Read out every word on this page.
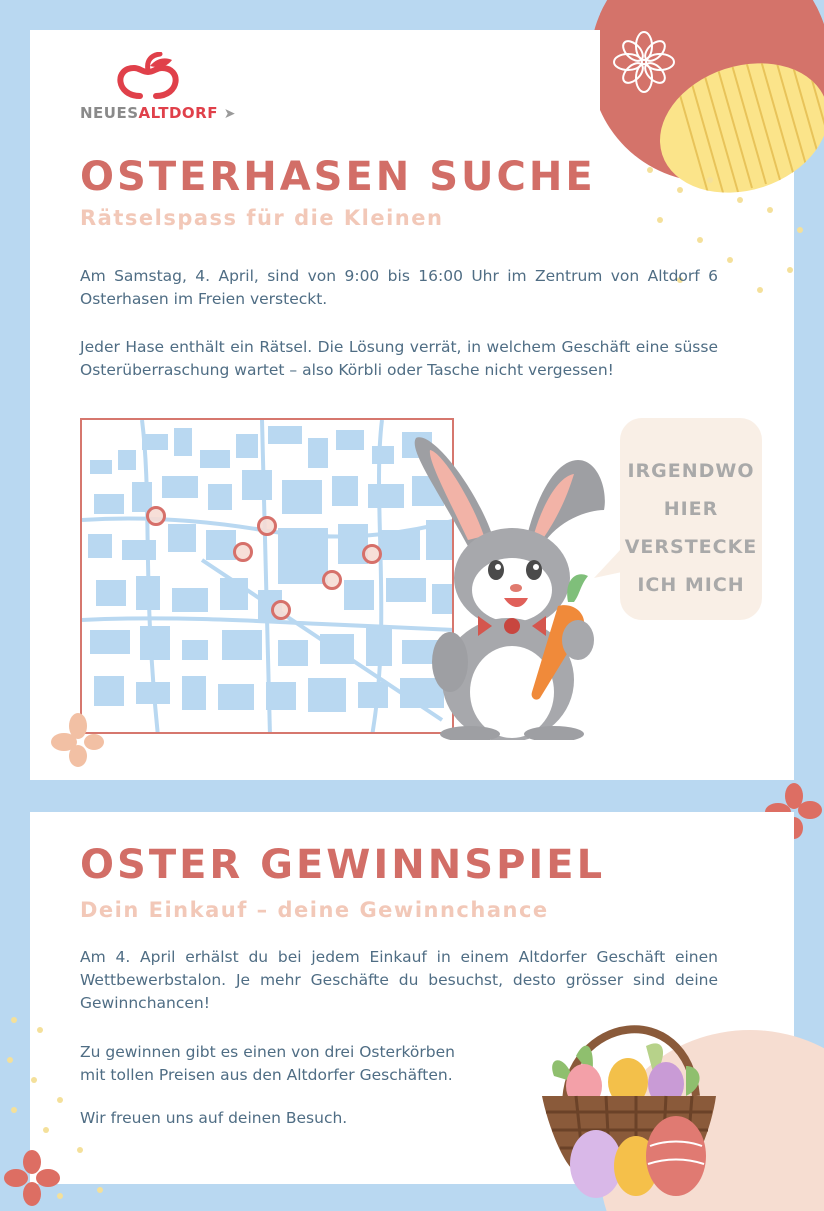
NEUESALTDORF ➤
OSTERHASEN SUCHE
Rätselspass für die Kleinen
Am Samstag, 4. April, sind von 9:00 bis 16:00 Uhr im Zentrum von Altdorf 6 Osterhasen im Freien versteckt.
Jeder Hase enthält ein Rätsel. Die Lösung verrät, in welchem Geschäft eine süsse Osterüberraschung wartet – also Körbli oder Tasche nicht vergessen!
IRGENDWO
HIER
VERSTECKE
ICH MICH
OSTER GEWINNSPIEL
Dein Einkauf – deine Gewinnchance
Am 4. April erhälst du bei jedem Einkauf in einem Altdorfer Geschäft einen Wettbewerbstalon. Je mehr Geschäfte du besuchst, desto grösser sind deine Gewinnchancen!
Zu gewinnen gibt es einen von drei Osterkörben
mit tollen Preisen aus den Altdorfer Geschäften.
Wir freuen uns auf deinen Besuch.
